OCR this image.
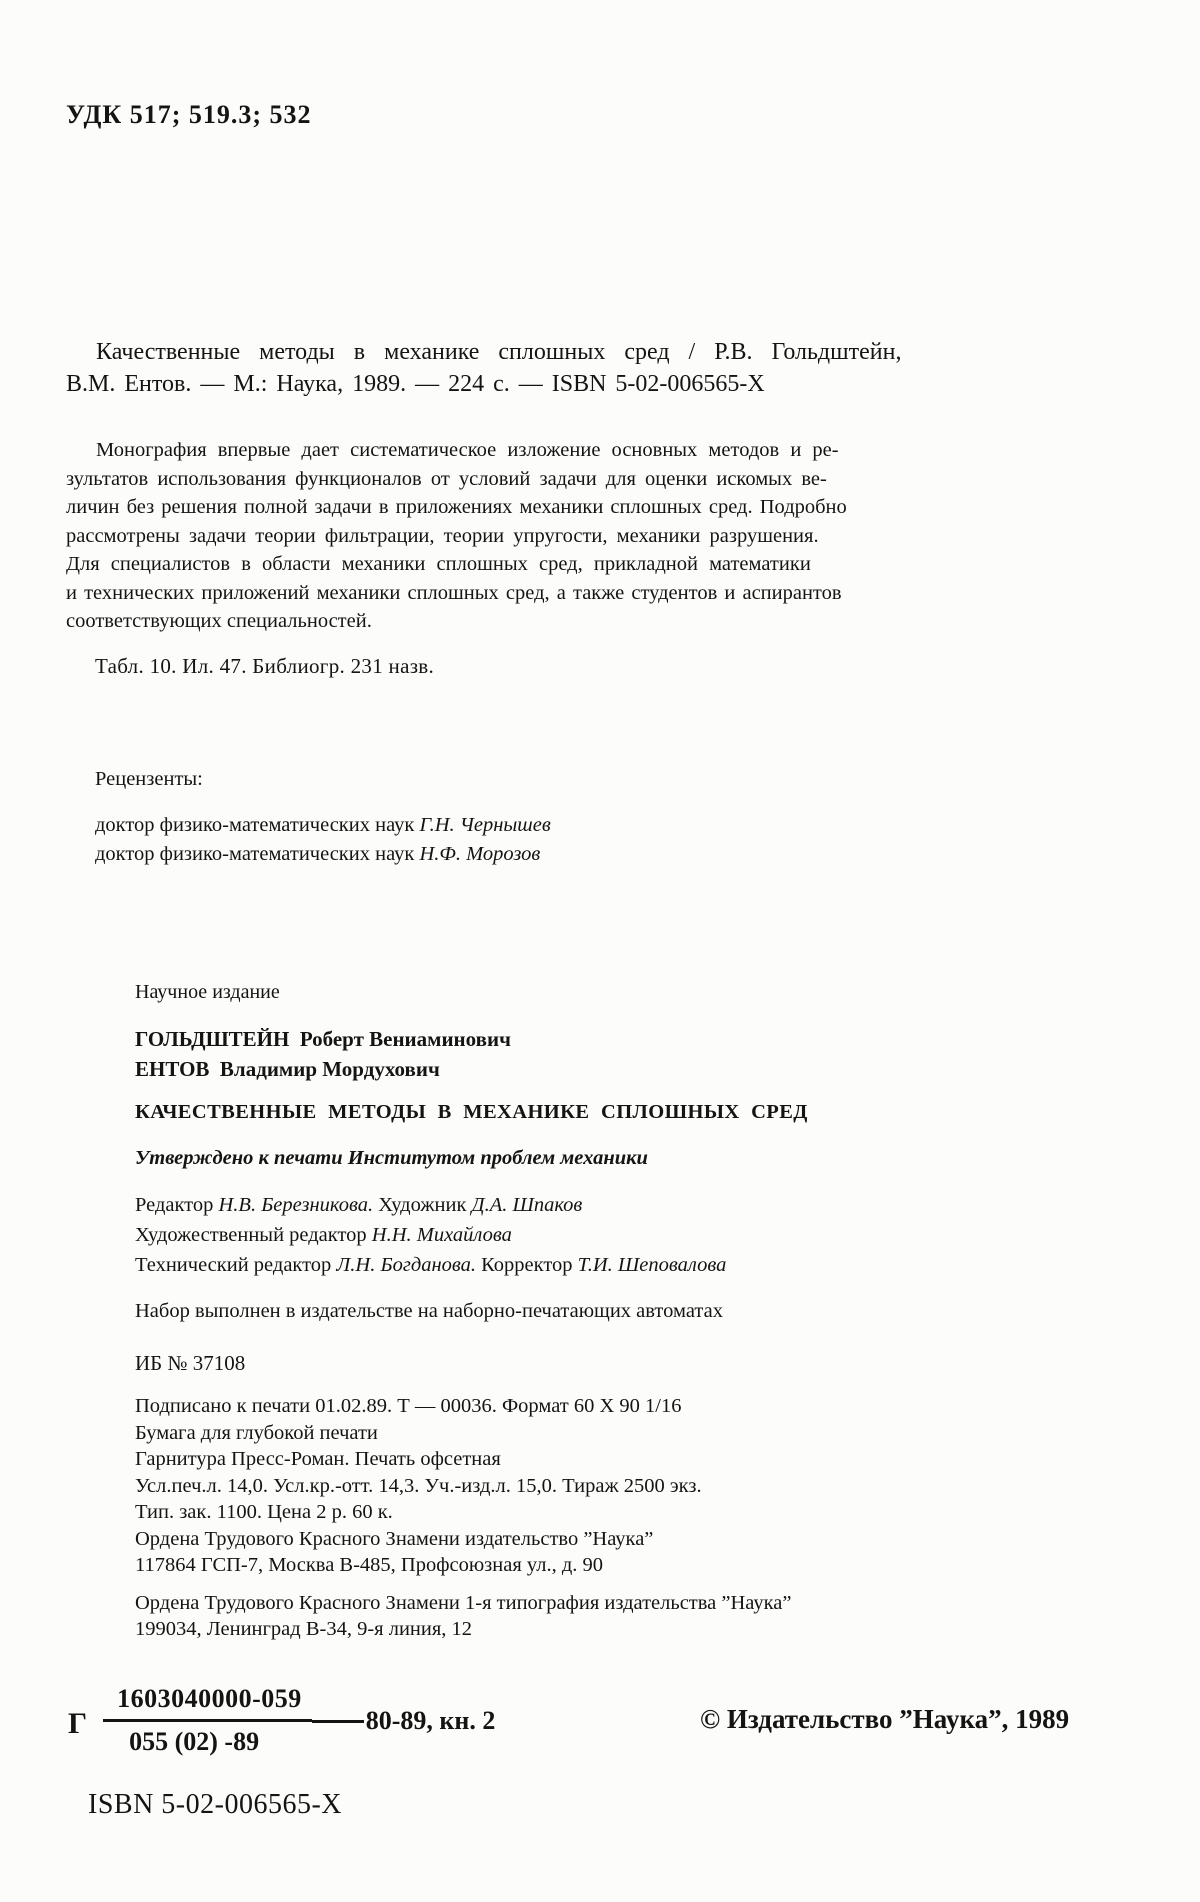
УДК 517; 519.3; 532
Качественные методы в механике сплошных сред / Р.В. Гольдштейн,
В.М. Ентов. — М.: Наука, 1989. — 224 с. — ISBN 5-02-006565-X
Монография впервые дает систематическое изложение основных методов и ре-
зультатов использования функционалов от условий задачи для оценки искомых ве-
личин без решения полной задачи в приложениях механики сплошных сред. Подробно
рассмотрены задачи теории фильтрации, теории упругости, механики разрушения.
Для специалистов в области механики сплошных сред, прикладной математики
и технических приложений механики сплошных сред, а также студентов и аспирантов
соответствующих специальностей.
Табл. 10. Ил. 47. Библиогр. 231 назв.
Рецензенты:
доктор физико-математических наук Г.Н. Чернышев
доктор физико-математических наук Н.Ф. Морозов
Научное издание
ГОЛЬДШТЕЙН Роберт Вениаминович
ЕНТОВ Владимир Мордухович
КАЧЕСТВЕННЫЕ МЕТОДЫ В МЕХАНИКЕ СПЛОШНЫХ СРЕД
Утверждено к печати Институтом проблем механики
Редактор Н.В. Березникова. Художник Д.А. Шпаков
Художественный редактор Н.Н. Михайлова
Технический редактор Л.Н. Богданова. Корректор Т.И. Шеповалова
Набор выполнен в издательстве на наборно-печатающих автоматах
ИБ № 37108
Подписано к печати 01.02.89. Т — 00036. Формат 60 X 90 1/16
Бумага для глубокой печати
Гарнитура Пресс-Роман. Печать офсетная
Усл.печ.л. 14,0. Усл.кр.-отт. 14,3. Уч.-изд.л. 15,0. Тираж 2500 экз.
Тип. зак. 1100. Цена 2 р. 60 к.
Ордена Трудового Красного Знамени издательство ”Наука”
117864 ГСП-7, Москва В-485, Профсоюзная ул., д. 90
Ордена Трудового Красного Знамени 1-я типография издательства ”Наука”
199034, Ленинград В-34, 9-я линия, 12
Г $\frac{1603040000-059}{055 (02) -89} 80-89$, кн. 2	© Издательство ”Наука”, 1989
ISBN 5-02-006565-X
